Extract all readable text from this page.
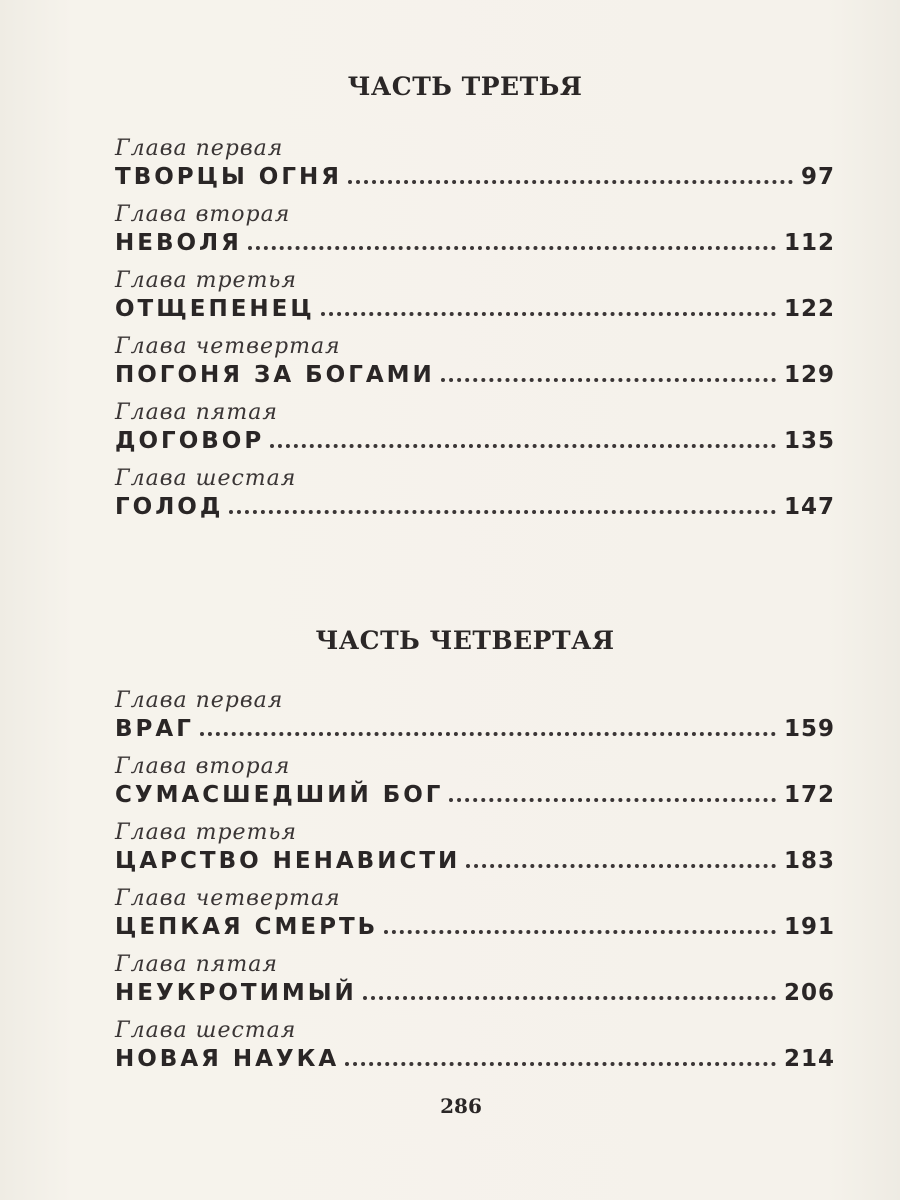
ЧАСТЬ ТРЕТЬЯ
Глава первая
ТВОРЦЫ ОГНЯ	97
Глава вторая
НЕВОЛЯ	112
Глава третья
ОТЩЕПЕНЕЦ	122
Глава четвертая
ПОГОНЯ ЗА БОГАМИ	129
Глава пятая
ДОГОВОР	135
Глава шестая
ГОЛОД	147
ЧАСТЬ ЧЕТВЕРТАЯ
Глава первая
ВРАГ	159
Глава вторая
СУМАСШЕДШИЙ БОГ	172
Глава третья
ЦАРСТВО НЕНАВИСТИ	183
Глава четвертая
ЦЕПКАЯ СМЕРТЬ	191
Глава пятая
НЕУКРОТИМЫЙ	206
Глава шестая
НОВАЯ НАУКА	214
286
